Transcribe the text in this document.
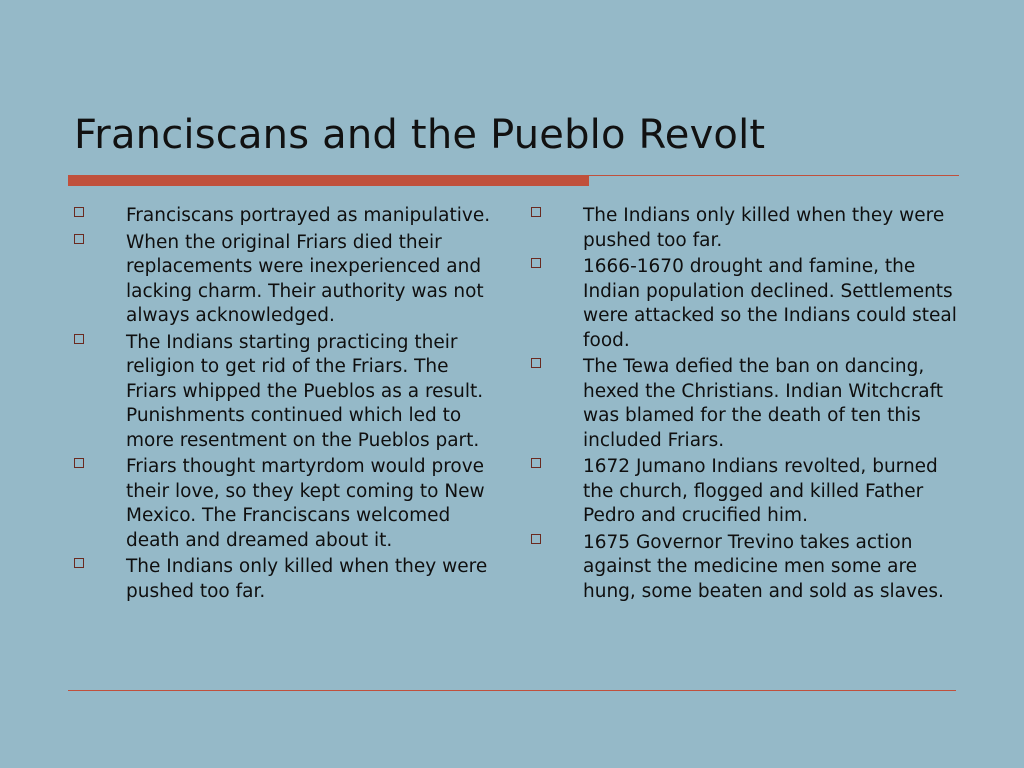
Franciscans and the Pueblo Revolt
Franciscans portrayed as manipulative.
When the original Friars died their replacements were inexperienced and lacking charm. Their authority was not always acknowledged.
The Indians starting practicing their religion to get rid of the Friars. The Friars whipped the Pueblos as a result. Punishments continued which led to more resentment on the Pueblos part.
Friars thought martyrdom would prove their love, so they kept coming to New Mexico. The Franciscans welcomed death and dreamed about it.
The Indians only killed when they were pushed too far.
The Indians only killed when they were pushed too far.
1666-1670 drought and famine, the Indian population declined. Settlements were attacked so the Indians could steal food.
The Tewa defied the ban on dancing, hexed the Christians. Indian Witchcraft was blamed for the death of ten this included Friars.
1672 Jumano Indians revolted, burned the church, flogged and killed Father Pedro and crucified him.
1675 Governor Trevino takes action against the medicine men some are hung, some beaten and sold as slaves.
